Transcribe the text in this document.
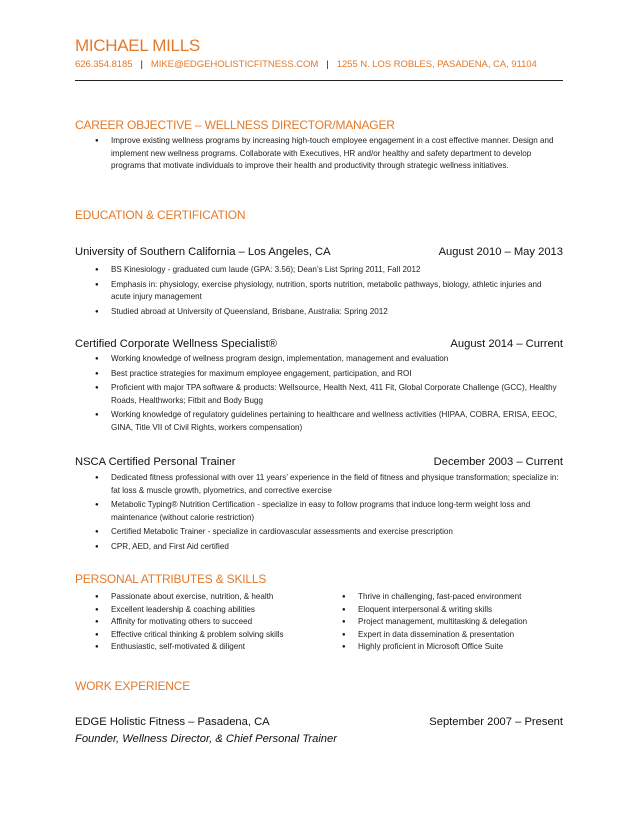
MICHAEL MILLS
626.354.8185 | MIKE@EDGEHOLISTICFITNESS.COM | 1255 N. LOS ROBLES, PASADENA, CA, 91104
CAREER OBJECTIVE – WELLNESS DIRECTOR/MANAGER
● Improve existing wellness programs by increasing high-touch employee engagement in a cost effective manner. Design and implement new wellness programs. Collaborate with Executives, HR and/or healthy and safety department to develop programs that motivate individuals to improve their health and productivity through strategic wellness initiatives.
EDUCATION & CERTIFICATION
University of Southern California – Los Angeles, CA	August 2010 – May 2013
● BS Kinesiology - graduated cum laude (GPA: 3.56); Dean’s List Spring 2011, Fall 2012
● Emphasis in: physiology, exercise physiology, nutrition, sports nutrition, metabolic pathways, biology, athletic injuries and acute injury management
● Studied abroad at University of Queensland, Brisbane, Australia: Spring 2012
Certified Corporate Wellness Specialist®	August 2014 – Current
● Working knowledge of wellness program design, implementation, management and evaluation
● Best practice strategies for maximum employee engagement, participation, and ROI
● Proficient with major TPA software & products: Wellsource, Health Next, 411 Fit, Global Corporate Challenge (GCC), Healthy Roads, Healthworks; Fitbit and Body Bugg
● Working knowledge of regulatory guidelines pertaining to healthcare and wellness activities (HIPAA, COBRA, ERISA, EEOC, GINA, Title VII of Civil Rights, workers compensation)
NSCA Certified Personal Trainer	December 2003 – Current
● Dedicated fitness professional with over 11 years’ experience in the field of fitness and physique transformation; specialize in: fat loss & muscle growth, plyometrics, and corrective exercise
● Metabolic Typing® Nutrition Certification - specialize in easy to follow programs that induce long-term weight loss and maintenance (without calorie restriction)
● Certified Metabolic Trainer - specialize in cardiovascular assessments and exercise prescription
● CPR, AED, and First Aid certified
PERSONAL ATTRIBUTES & SKILLS
● Passionate about exercise, nutrition, & health
● Excellent leadership & coaching abilities
● Affinity for motivating others to succeed
● Effective critical thinking & problem solving skills
● Enthusiastic, self-motivated & diligent
● Thrive in challenging, fast-paced environment
● Eloquent interpersonal & writing skills
● Project management, multitasking & delegation
● Expert in data dissemination & presentation
● Highly proficient in Microsoft Office Suite
WORK EXPERIENCE
EDGE Holistic Fitness – Pasadena, CA	September 2007 – Present
Founder, Wellness Director, & Chief Personal Trainer
